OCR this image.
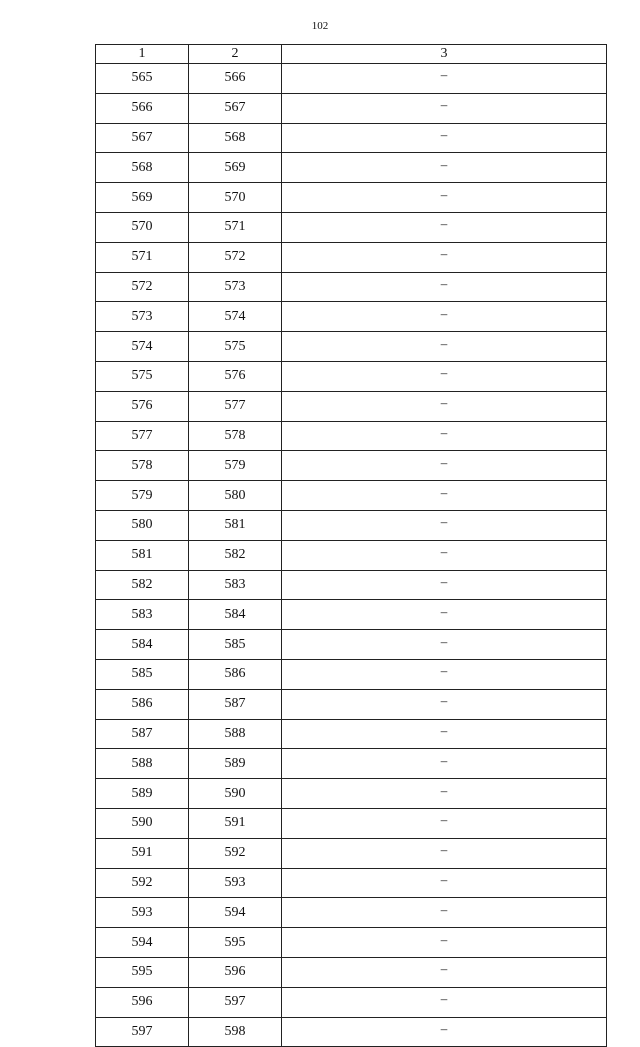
102
1	2	3
565	566	–
566	567	–
567	568	–
568	569	–
569	570	–
570	571	–
571	572	–
572	573	–
573	574	–
574	575	–
575	576	–
576	577	–
577	578	–
578	579	–
579	580	–
580	581	–
581	582	–
582	583	–
583	584	–
584	585	–
585	586	–
586	587	–
587	588	–
588	589	–
589	590	–
590	591	–
591	592	–
592	593	–
593	594	–
594	595	–
595	596	–
596	597	–
597	598	–
